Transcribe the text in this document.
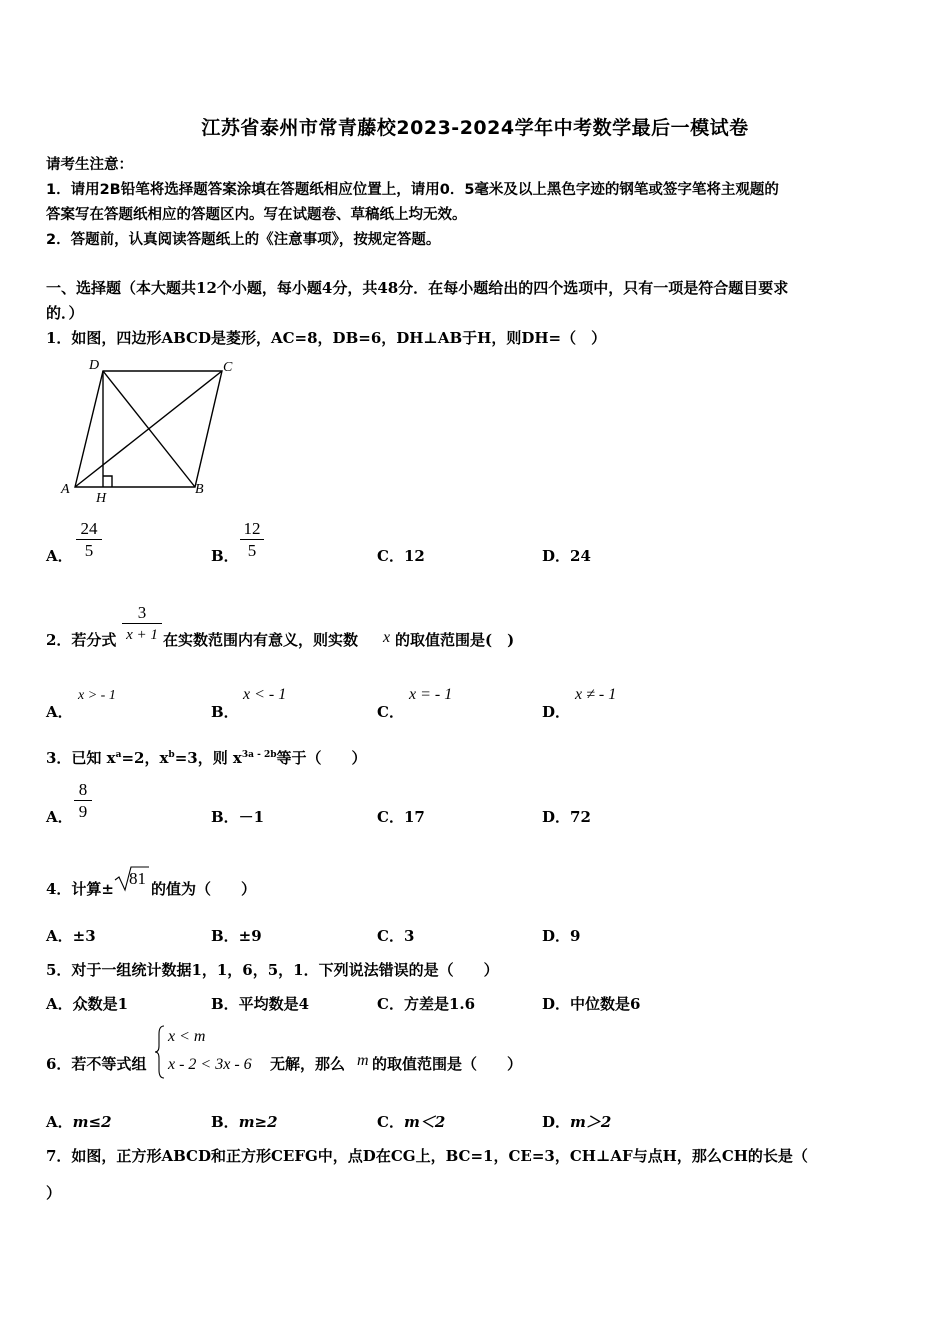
江苏省泰州市常青藤校2023-2024学年中考数学最后一模试卷
请考生注意：
1．请用2B铅笔将选择题答案涂填在答题纸相应位置上，请用0．5毫米及以上黑色字迹的钢笔或签字笔将主观题的
答案写在答题纸相应的答题区内。写在试题卷、草稿纸上均无效。
2．答题前，认真阅读答题纸上的《注意事项》，按规定答题。
一、选择题（本大题共12个小题，每小题4分，共48分．在每小题给出的四个选项中，只有一项是符合题目要求
的．）
1．如图，四边形ABCD是菱形，AC=8，DB=6，DH⊥AB于H，则DH=（　）
D	C
A
H
B
A．
24
5	B．
12
5	C．12	D．24
2．若分式
3
x + 1 在实数范围内有意义，则实数 x 的取值范围是(　)
A．
x > - 1
B．
x < - 1
C．
x = - 1
D．
x ≠ - 1
3．已知 $x^a=2$，$x^b=3$，则 $x^{3a - 2b}$等于（　　）
A．
8
9	B．－1	C．17	D．72
4．计算±
81
的值为（　　）
A．±3	B．±9	C．3	D．9
5．对于一组统计数据1，1，6，5，1．下列说法错误的是（　　）
A．众数是1	B．平均数是4	C．方差是1.6	D．中位数是6
6．若不等式组
x < m
x - 2 < 3x - 6 无解，那么 m 的取值范围是（　　）
A．m≤2	B．m≥2	C．m＜2	D．m＞2
7．如图，正方形ABCD和正方形CEFG中，点D在CG上，BC=1，CE=3，CH⊥AF与点H，那么CH的长是（
）
